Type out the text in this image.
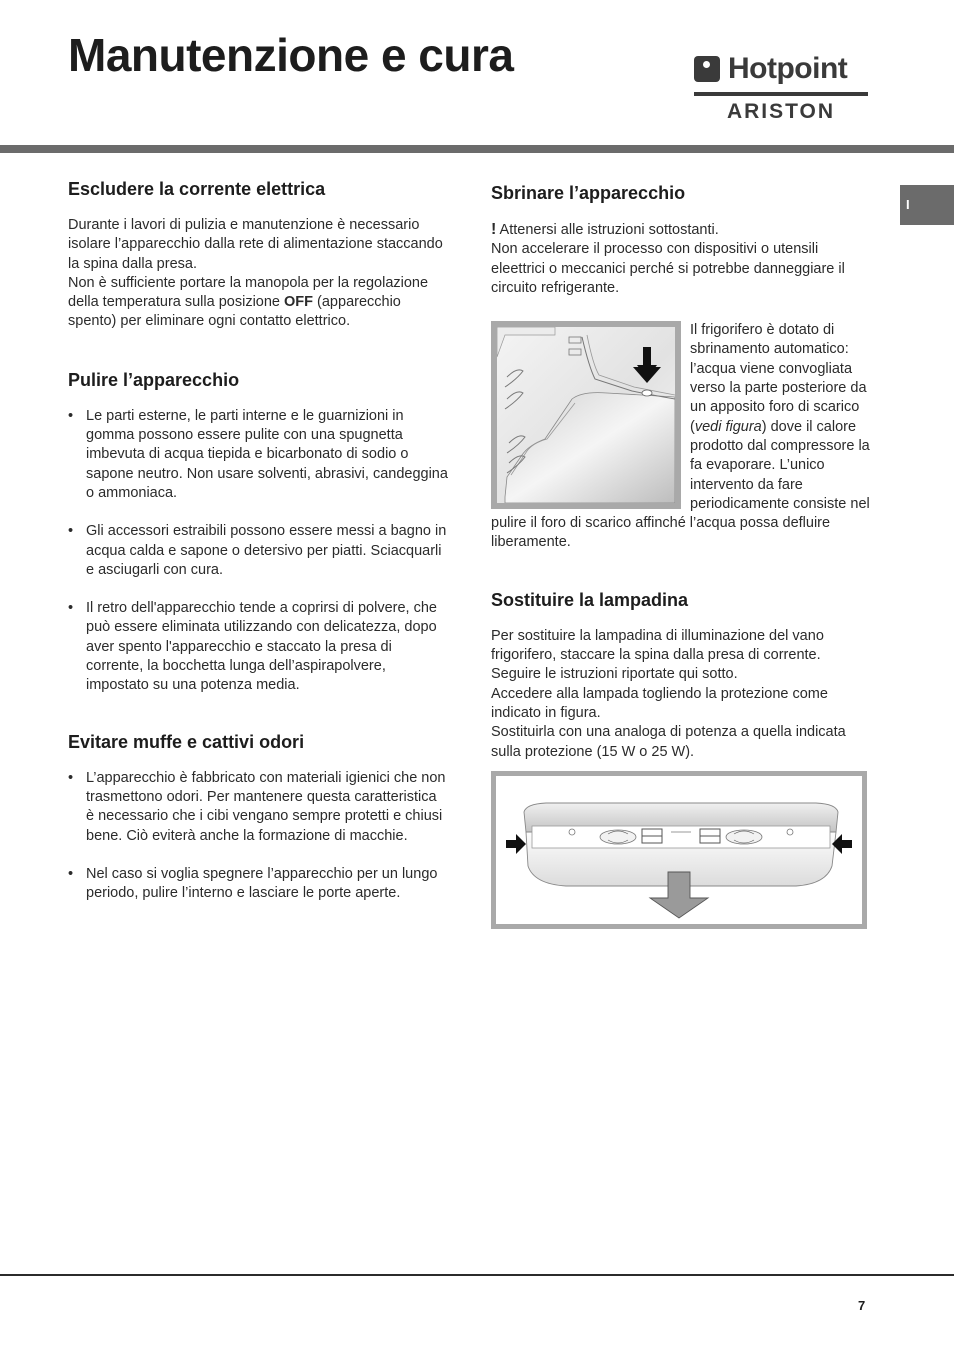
Manutenzione e cura	Hotpoint
ARISTON
I
Escludere la corrente elettrica

Durante i lavori di pulizia e manutenzione è necessario isolare l’apparecchio dalla rete di alimentazione staccando la spina dalla presa.

Non è sufficiente portare la manopola per la regolazione della temperatura sulla posizione OFF (apparecchio spento) per eliminare ogni contatto elettrico.

Pulire l’apparecchio
• Le parti esterne, le parti interne e le guarnizioni in gomma possono essere pulite con una spugnetta imbevuta di acqua tiepida e bicarbonato di sodio o sapone neutro. Non usare solventi, abrasivi, candeggina o ammoniaca.
• Gli accessori estraibili possono essere messi a bagno in acqua calda e sapone o detersivo per piatti. Sciacquarli e asciugarli con cura.
• Il retro dell'apparecchio tende a coprirsi di polvere, che può essere eliminata utilizzando con delicatezza, dopo aver spento l'apparecchio e staccato la presa di corrente, la bocchetta lunga dell’aspirapolvere, impostato su una potenza media.
Evitare muffe e cattivi odori
• L’apparecchio è fabbricato con materiali igienici che non trasmettono odori. Per mantenere questa caratteristica è necessario che i cibi vengano sempre protetti e chiusi bene. Ciò eviterà anche la formazione di macchie.
• Nel caso si voglia spegnere l’apparecchio per un lungo periodo, pulire l’interno e lasciare le porte aperte.
Sbrinare l’apparecchio

! Attenersi alle istruzioni sottostanti.

Non accelerare il processo con dispositivi o utensili eleettrici o meccanici perché si potrebbe danneggiare il circuito refrigerante.

Il frigorifero è dotato di sbrinamento automatico: l’acqua viene convogliata verso la parte posteriore da un apposito foro di scarico (vedi figura) dove il calore prodotto dal compressore la fa evaporare. L’unico intervento da fare periodicamente consiste nel pulire il foro di scarico affinché l’acqua possa defluire liberamente.

Sostituire la lampadina

Per sostituire la lampadina di illuminazione del vano frigorifero, staccare la spina dalla presa di corrente. Seguire le istruzioni riportate qui sotto.

Accedere alla lampada togliendo la protezione come indicato in figura.

Sostituirla con una analoga di potenza a quella indicata sulla protezione (15 W o 25 W).

7
